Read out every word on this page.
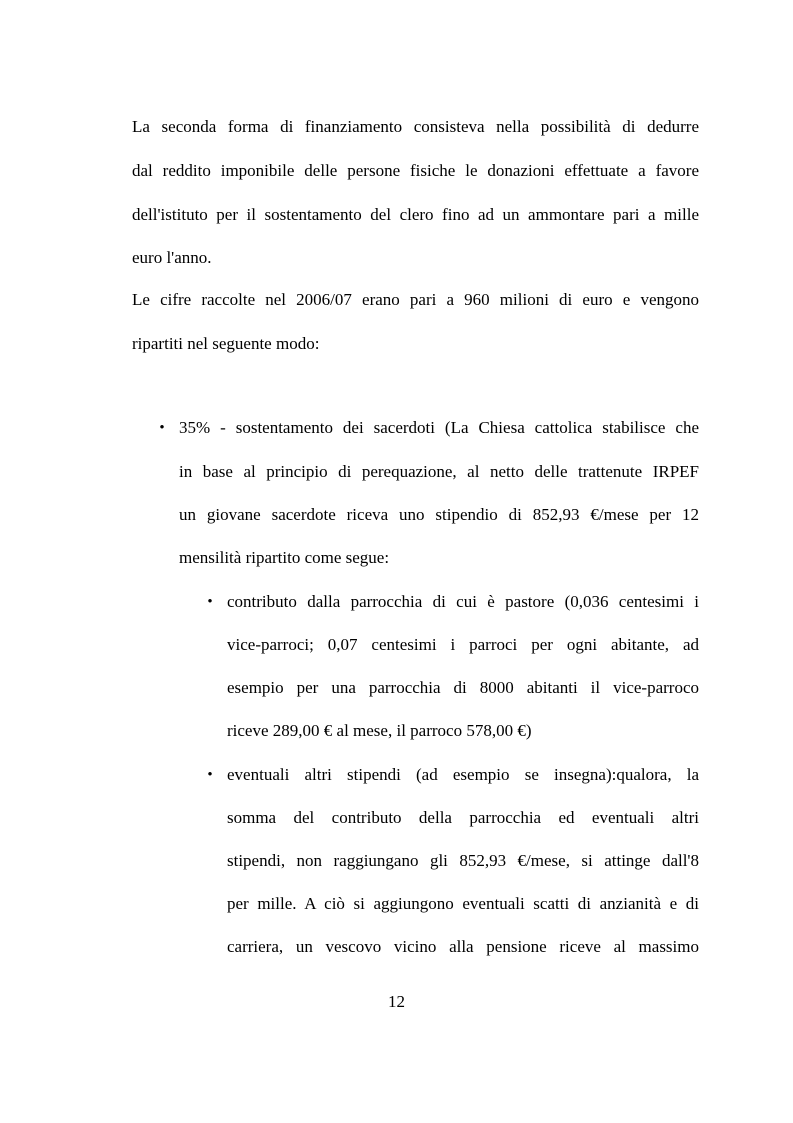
La seconda forma di finanziamento consisteva nella possibilità di dedurre
dal reddito imponibile delle persone fisiche le donazioni effettuate a favore
dell'istituto per il sostentamento del clero fino ad un ammontare pari a mille
euro l'anno.
Le cifre raccolte nel 2006/07 erano pari a 960 milioni di euro e vengono
ripartiti nel seguente modo:
• 35% - sostentamento dei sacerdoti (La Chiesa cattolica stabilisce che
in base al principio di perequazione, al netto delle trattenute IRPEF
un giovane sacerdote riceva uno stipendio di 852,93 €/mese per 12
mensilità ripartito come segue:
• contributo dalla parrocchia di cui è pastore (0,036 centesimi i
vice-parroci; 0,07 centesimi i parroci per ogni abitante, ad
esempio per una parrocchia di 8000 abitanti il vice-parroco
riceve 289,00 € al mese, il parroco 578,00 €)
• eventuali altri stipendi (ad esempio se insegna):qualora, la
somma del contributo della parrocchia ed eventuali altri
stipendi, non raggiungano gli 852,93 €/mese, si attinge dall'8
per mille. A ciò si aggiungono eventuali scatti di anzianità e di
carriera, un vescovo vicino alla pensione riceve al massimo
12
